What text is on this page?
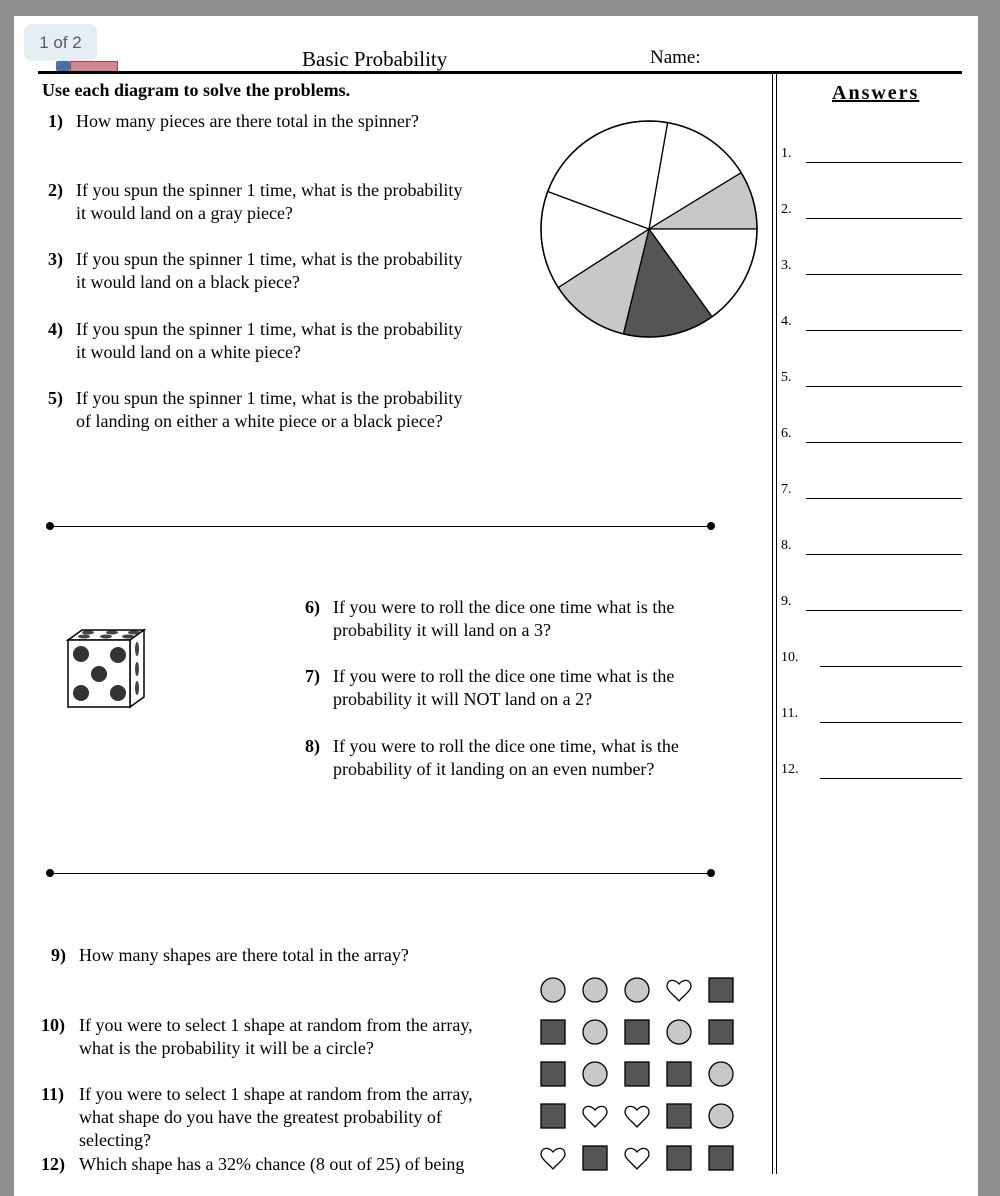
1 of 2
Basic Probability	Name:
Use each diagram to solve the problems.	Answers
1.
2.
3.
4.
5.
6.
7.
8.
9.
10.
11.
12.
1) How many pieces are there total in the spinner?
2) If you spun the spinner 1 time, what is the probability
it would land on a gray piece?
3) If you spun the spinner 1 time, what is the probability
it would land on a black piece?
4) If you spun the spinner 1 time, what is the probability
it would land on a white piece?
5) If you spun the spinner 1 time, what is the probability
of landing on either a white piece or a black piece?
6) If you were to roll the dice one time what is the
probability it will land on a 3?
7) If you were to roll the dice one time what is the
probability it will NOT land on a 2?
8) If you were to roll the dice one time, what is the
probability of it landing on an even number?
9) How many shapes are there total in the array?
10) If you were to select 1 shape at random from the array,
what is the probability it will be a circle?
11) If you were to select 1 shape at random from the array,
what shape do you have the greatest probability of
selecting?
12) Which shape has a 32% chance (8 out of 25) of being
